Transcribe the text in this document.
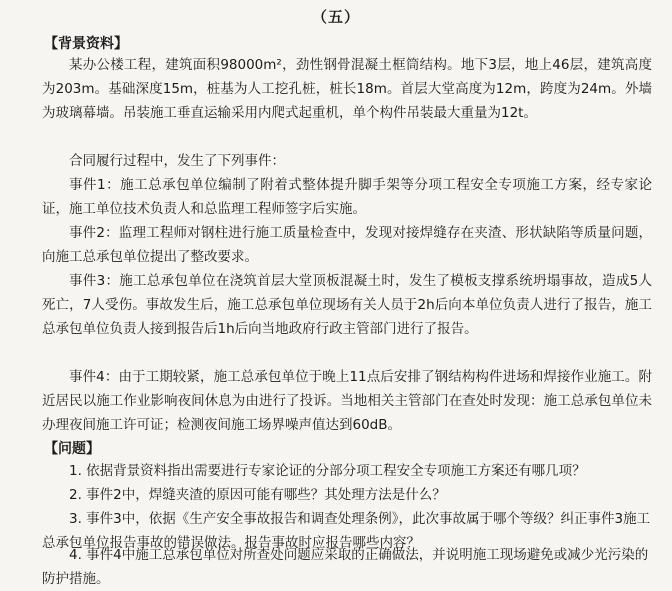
（五）
【背景资料】

某办公楼工程，建筑面积98000m²，劲性钢骨混凝土框筒结构。地下3层，地上46层，建筑高度为203m。基础深度15m，桩基为人工挖孔桩，桩长18m。首层大堂高度为12m，跨度为24m。外墙为玻璃幕墙。吊装施工垂直运输采用内爬式起重机，单个构件吊装最大重量为12t。

合同履行过程中，发生了下列事件：

事件1：施工总承包单位编制了附着式整体提升脚手架等分项工程安全专项施工方案，经专家论证，施工单位技术负责人和总监理工程师签字后实施。

事件2：监理工程师对钢柱进行施工质量检查中，发现对接焊缝存在夹渣、形状缺陷等质量问题，向施工总承包单位提出了整改要求。

事件3：施工总承包单位在浇筑首层大堂顶板混凝土时，发生了模板支撑系统坍塌事故，造成5人死亡，7人受伤。事故发生后，施工总承包单位现场有关人员于2h后向本单位负责人进行了报告，施工总承包单位负责人接到报告后1h后向当地政府行政主管部门进行了报告。

事件4：由于工期较紧，施工总承包单位于晚上11点后安排了钢结构构件进场和焊接作业施工。附近居民以施工作业影响夜间休息为由进行了投诉。当地相关主管部门在查处时发现：施工总承包单位未办理夜间施工许可证；检测夜间施工场界噪声值达到60dB。

【问题】

1. 依据背景资料指出需要进行专家论证的分部分项工程安全专项施工方案还有哪几项？

2. 事件2中，焊缝夹渣的原因可能有哪些？其处理方法是什么？

3. 事件3中，依据《生产安全事故报告和调查处理条例》，此次事故属于哪个等级？纠正事件3施工总承包单位报告事故的错误做法。报告事故时应报告哪些内容？

4. 事件4中施工总承包单位对所查处问题应采取的正确做法，并说明施工现场避免或减少光污染的防护措施。
